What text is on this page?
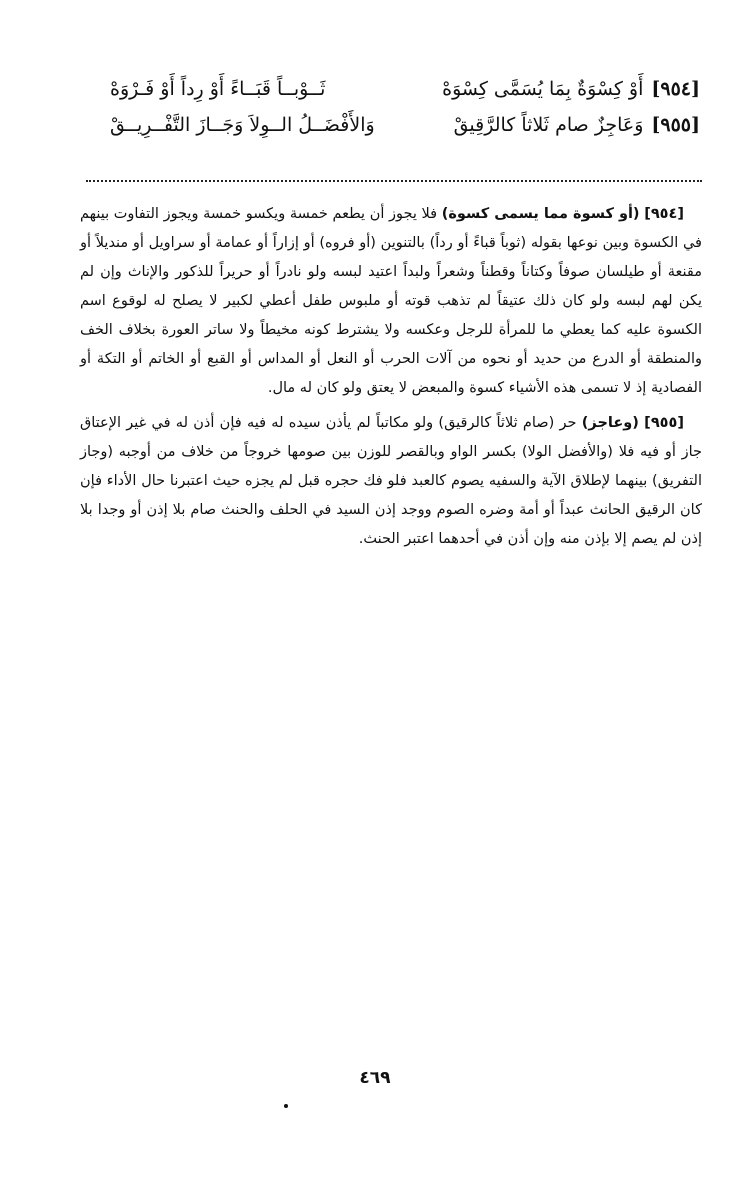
[٩٥٤]
أَوْ كِسْوَةٌ بِمَا يُسَمَّى كِسْوَهْ
ثَــوْبــاً قَبَــاءً أَوْ رِداً أَوْ فَـرْوَهْ
[٩٥٥]
وَعَاجِزٌ صام ثَلاثاً كالرَّقِيقْ
وَالأَفْضَــلُ الــوِلاَ وَجَــازَ التَّفْــرِيــقْ

[٩٥٤] (أو كسوة مما يسمى كسوة) فلا يجوز أن يطعم خمسة ويكسو خمسة ويجوز التفاوت بينهم في الكسوة وبين نوعها بقوله (ثوباً قباءً أو رداً) بالتنوين (أو فروه) أو إزاراً أو عمامة أو سراويل أو منديلاً أو مقنعة أو طيلسان صوفاً وكتاناً وقطناً وشعراً ولبداً اعتيد لبسه ولو نادراً أو حريراً للذكور والإناث وإن لم يكن لهم لبسه ولو كان ذلك عتيقاً لم تذهب قوته أو ملبوس طفل أعطي لكبير لا يصلح له لوقوع اسم الكسوة عليه كما يعطي ما للمرأة للرجل وعكسه ولا يشترط كونه مخيطاً ولا ساتر العورة بخلاف الخف والمنطقة أو الدرع من حديد أو نحوه من آلات الحرب أو النعل أو المداس أو القبع أو الخاتم أو التكة أو الفصادية إذ لا تسمى هذه الأشياء كسوة والمبعض لا يعتق ولو كان له مال.

[٩٥٥] (وعاجز) حر (صام ثلاثاً كالرقيق) ولو مكاتباً لم يأذن سيده له فيه فإن أذن له في غير الإعتاق جاز أو فيه فلا (والأفضل الولا) بكسر الواو وبالقصر للوزن بين صومها خروجاً من خلاف من أوجبه (وجاز التفريق) بينهما لإطلاق الآية والسفيه يصوم كالعبد فلو فك حجره قبل لم يجزه حيث اعتبرنا حال الأداء فإن كان الرقيق الحانث عبداً أو أمة وضره الصوم ووجد إذن السيد في الحلف والحنث صام بلا إذن أو وجدا بلا إذن لم يصم إلا بإذن منه وإن أذن في أحدهما اعتبر الحنث.

٤٦٩
